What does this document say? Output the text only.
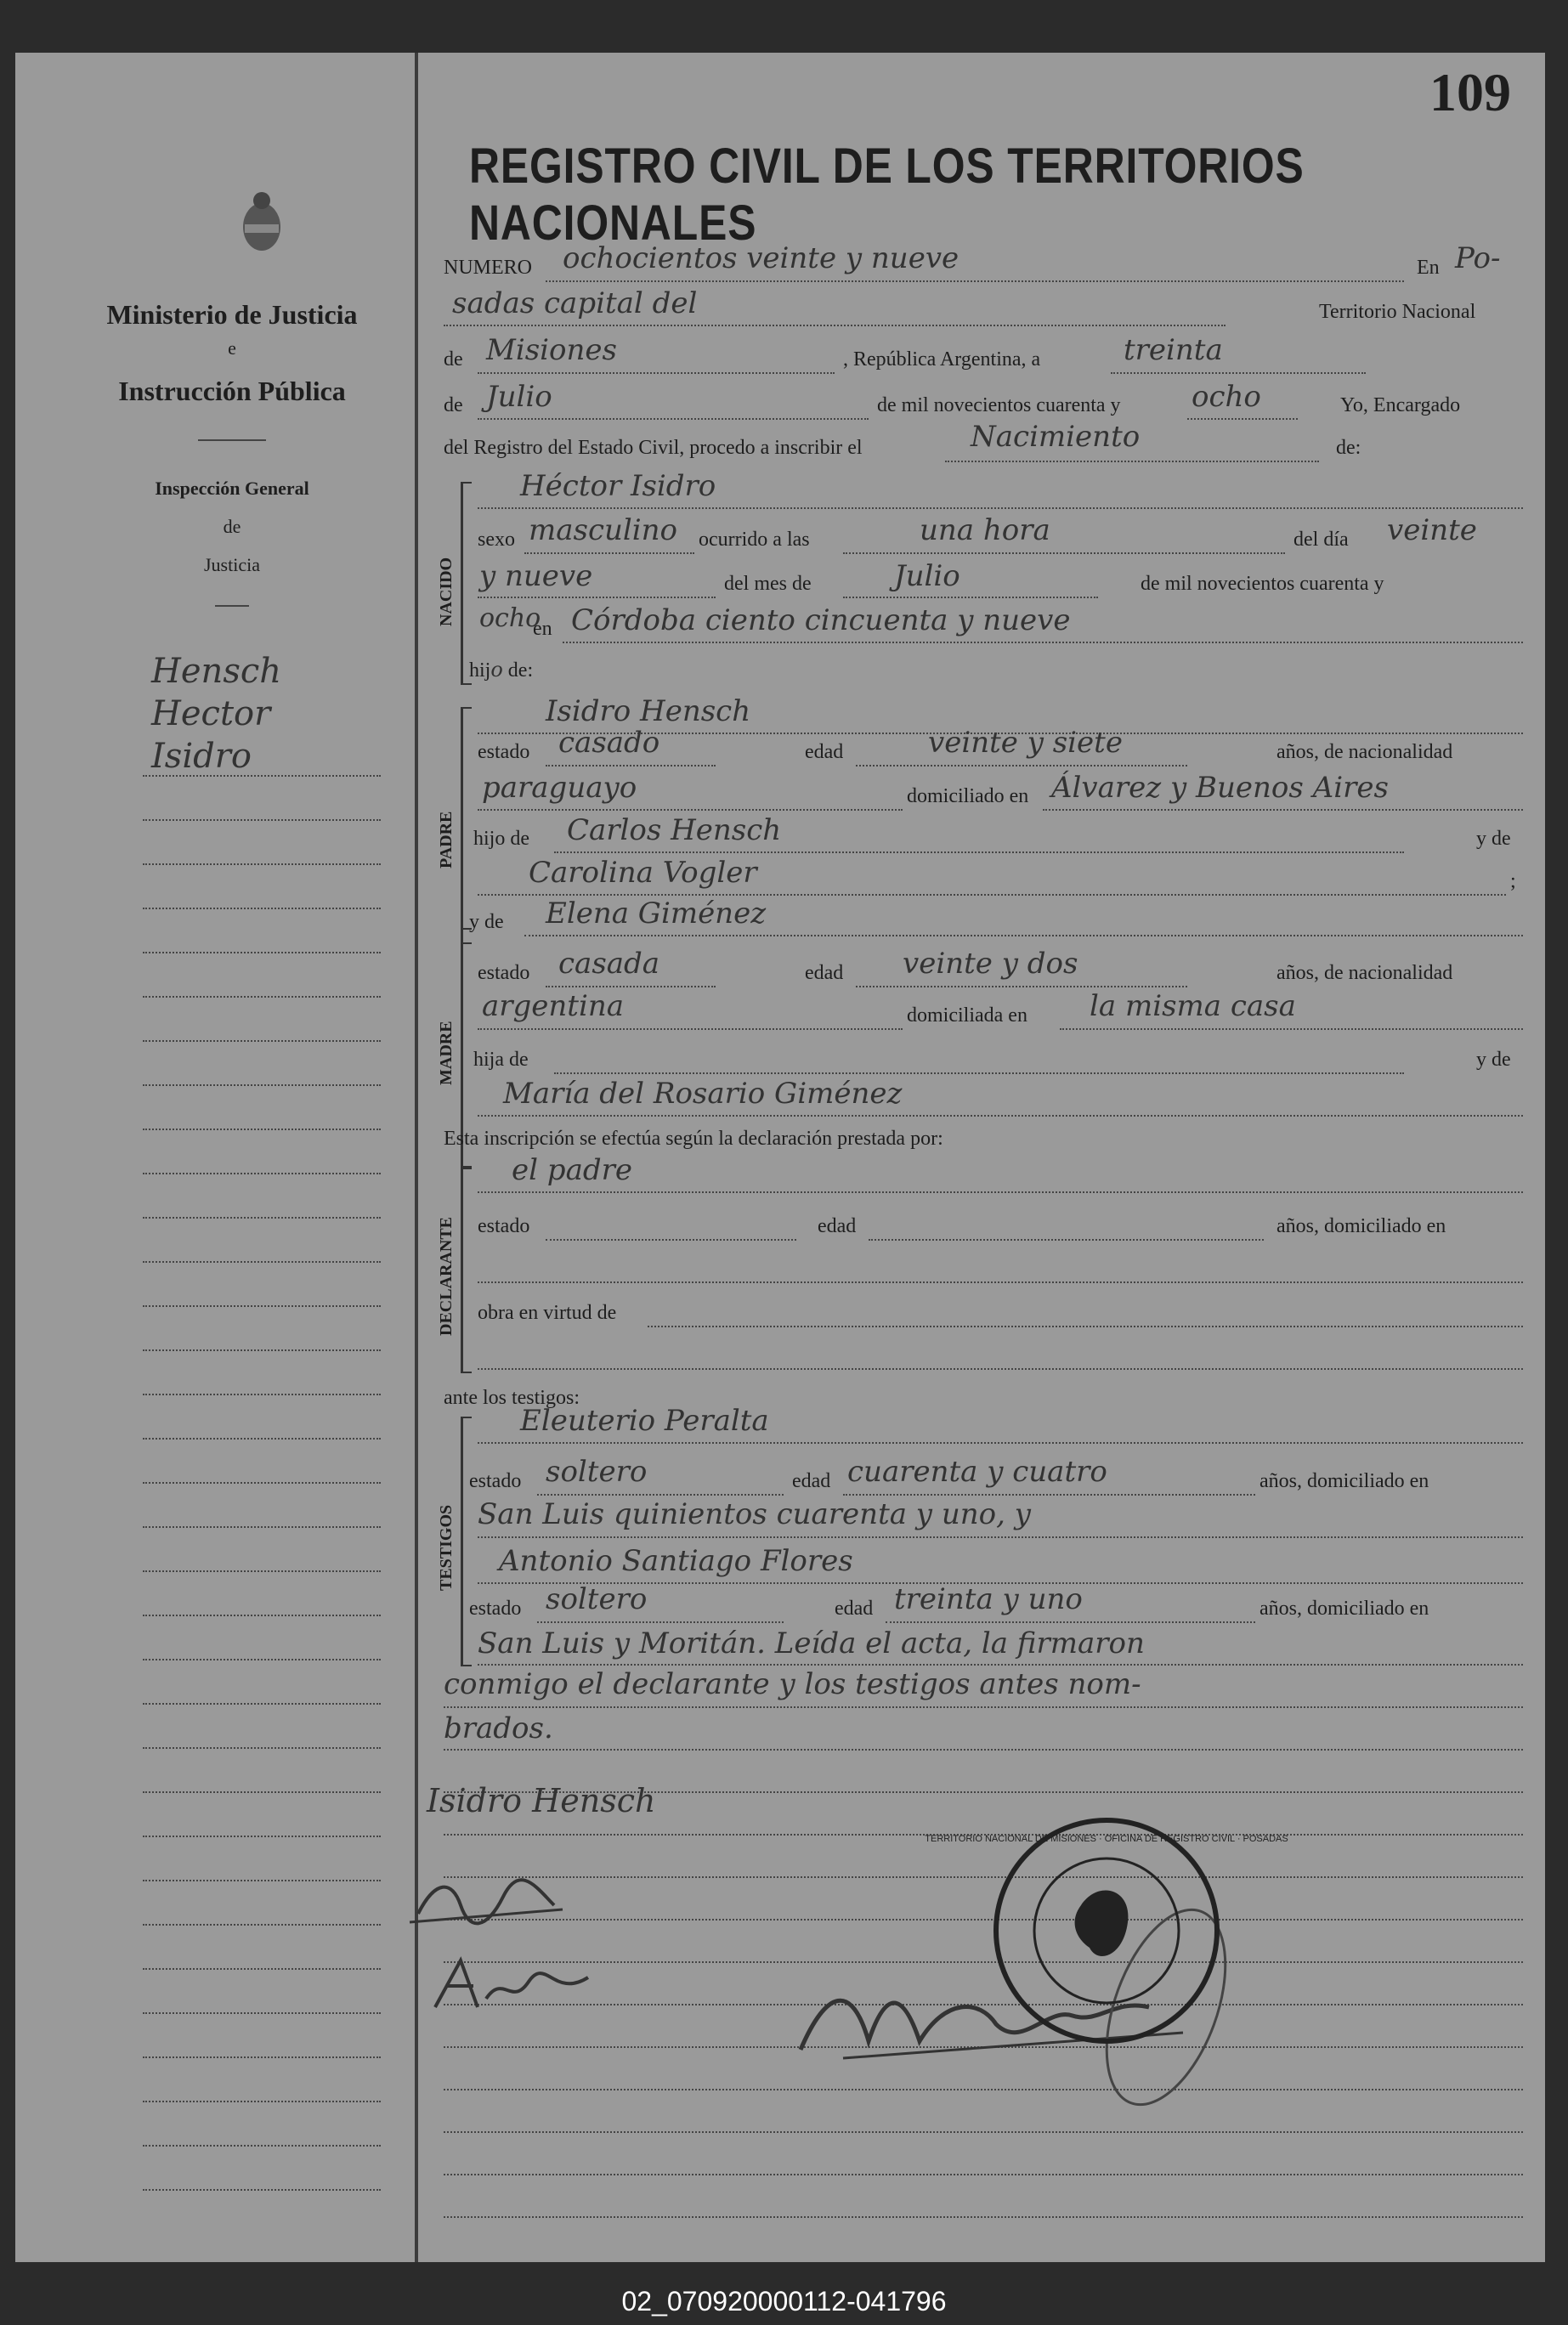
Ministerio de Justicia
e
Instrucción Pública
Inspección General
de
Justicia
Hensch
Hector
Isidro
109
REGISTRO CIVIL DE LOS TERRITORIOS NACIONALES
NUMERO ochocientos veinte y nueve	En Po-
sadas capital del	Territorio Nacional
de Misiones	, República Argentina, a	treinta
de Julio	de mil novecientos cuarenta y ocho	Yo, Encargado
del Registro del Estado Civil, procedo a inscribir el	Nacimiento	de:
NACIDO
Héctor Isidro
sexo masculino ocurrido a las	una hora	del día veinte
y nueve	del mes de	Julio	de mil novecientos cuarenta y
ocho
en Córdoba ciento cincuenta y nueve
hijo de:
PADRE
Isidro Hensch
estado casado	edad	veinte y siete	años, de nacionalidad
paraguayo	domiciliado en Álvarez y Buenos Aires
hijo de Carlos Hensch	y de
Carolina Vogler	;
MADRE
y de Elena Giménez
estado casada	edad veinte y dos	años, de nacionalidad
argentina	domiciliada en la misma casa
hija de	y de
María del Rosario Giménez
Esta inscripción se efectúa según la declaración prestada por:
DECLARANTE
el padre
estado	edad	años, domiciliado en
obra en virtud de
ante los testigos:
TESTIGOS
Eleuterio Peralta
estado soltero	edad cuarenta y cuatro	años, domiciliado en
San Luis quinientos cuarenta y uno, y
Antonio Santiago Flores
estado soltero	edad treinta y uno	años, domiciliado en
San Luis y Moritán. Leída el acta, la firmaron
conmigo el declarante y los testigos antes nom-
brados.
Isidro Hensch
TERRITORIO NACIONAL DE MISIONES · OFICINA DE REGISTRO CIVIL · POSADAS
02_070920000112-041796
